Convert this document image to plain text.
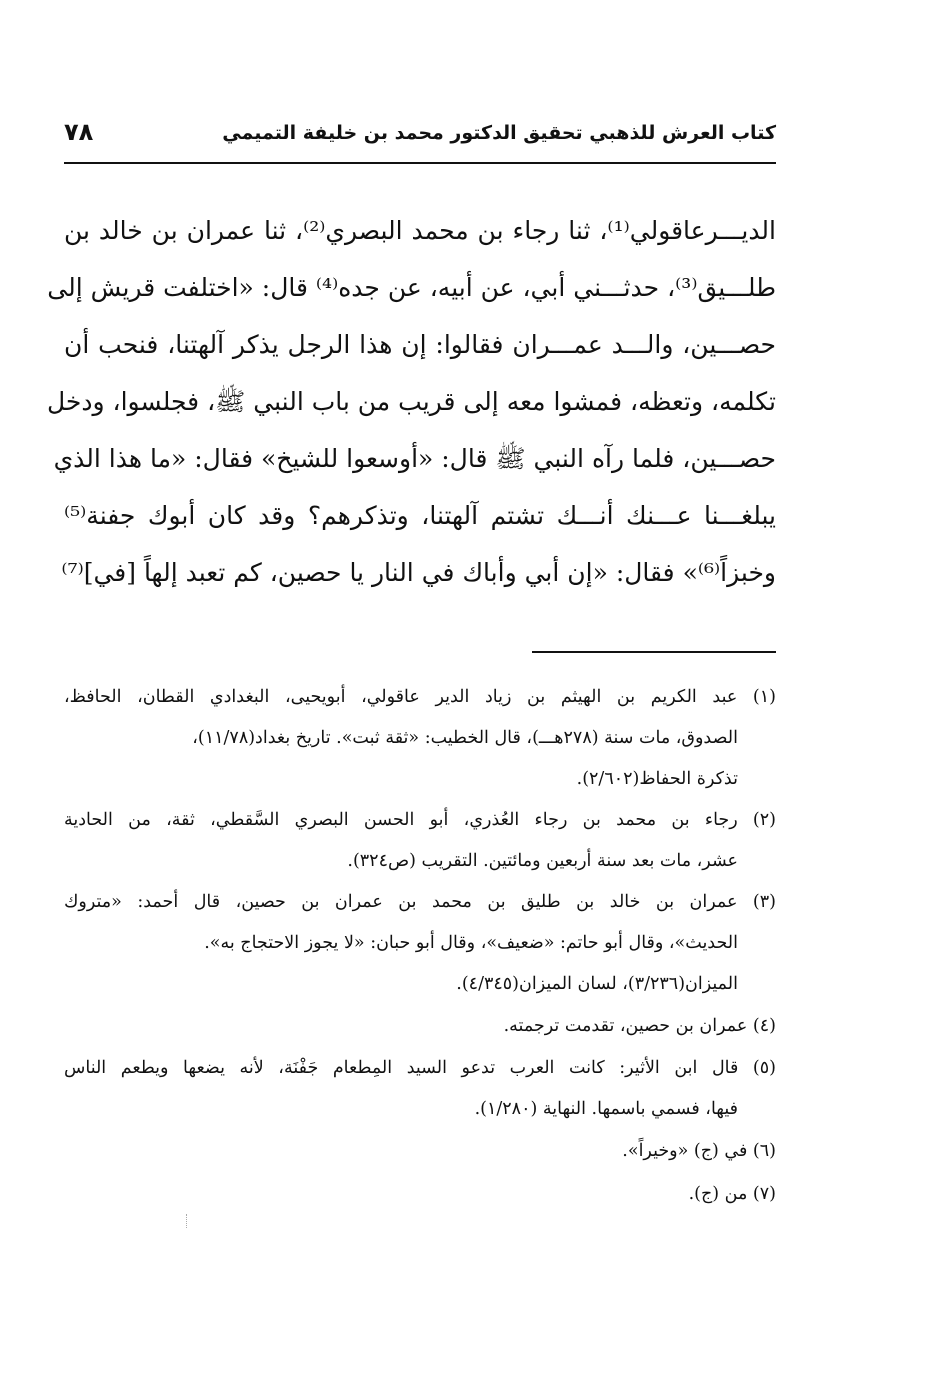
كتاب العرش للذهبي تحقيق الدكتور محمد بن خليفة التميمي
٧٨
الديـــرعاقولي⁽¹⁾، ثنا رجاء بن محمد البصري⁽²⁾، ثنا عمران بن خالد بن
طلـــيق⁽³⁾، حدثـــني أبي، عن أبيه، عن جده⁽⁴⁾ قال: «اختلفت قريش إلى
حصـــين، والـــد عمـــران فقالوا: إن هذا الرجل يذكر آلهتنا، فنحب أن
تكلمه، وتعظه، فمشوا معه إلى قريب من باب النبي ﷺ، فجلسوا، ودخل
حصـــين، فلما رآه النبي ﷺ قال: «أوسعوا للشيخ» فقال: «ما هذا الذي
يبلغـــنا عـــنك أنـــك تشتم آلهتنا، وتذكرهم؟ وقد كان أبوك جفنة⁽⁵⁾
وخبزاً⁽⁶⁾» فقال: «إن أبي وأباك في النار يا حصين، كم تعبد إلهاً [في]⁽⁷⁾
(١) عبد الكريم بن الهيثم بن زياد الدير عاقولي، أبويحيى، البغدادي القطان، الحافظ،
الصدوق، مات سنة (٢٧٨هـــ)، قال الخطيب: «ثقة ثبت». تاريخ بغداد(١١/٧٨)،
تذكرة الحفاظ(٢/٦٠٢).
(٢) رجاء بن محمد بن رجاء العُذري، أبو الحسن البصري السَّقطي، ثقة، من الحادية
عشر، مات بعد سنة أربعين ومائتين. التقريب (ص٣٢٤).
(٣) عمران بن خالد بن طليق بن محمد بن عمران بن حصين، قال أحمد: «متروك
الحديث»، وقال أبو حاتم: «ضعيف»، وقال أبو حبان: «لا يجوز الاحتجاج به».
الميزان(٣/٢٣٦)، لسان الميزان(٤/٣٤٥).
(٤) عمران بن حصين، تقدمت ترجمته.
(٥) قال ابن الأثير: كانت العرب تدعو السيد المِطعام جَفْنَة، لأنه يضعها ويطعم الناس
فيها، فسمي باسمها. النهاية (١/٢٨٠).
(٦) في (ج) «وخيراً».
(٧) من (ج).
